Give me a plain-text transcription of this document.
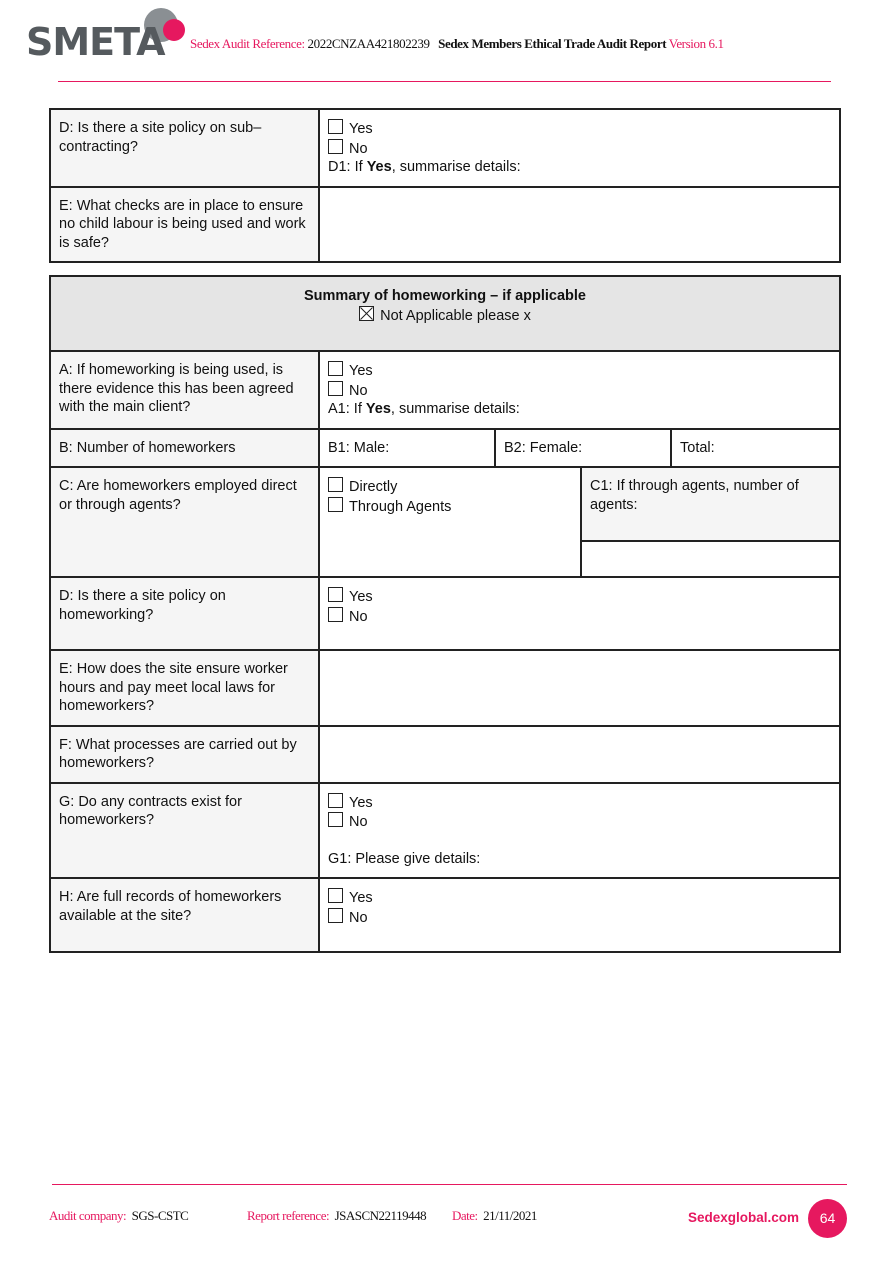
SMETA Sedex Audit Reference: 2022CNZAA421802239 Sedex Members Ethical Trade Audit Report Version 6.1
D: Is there a site policy on sub–contracting?	Yes
No
D1: If Yes, summarise details:

E: What checks are in place to ensure no child labour is being used and work is safe?	
Summary of homeworking – if applicable
Not Applicable please x			

A: If homeworking is being used, is there evidence this has been agreed with the main client?	Yes
No
A1: If Yes, summarise details:		

B: Number of homeworkers	B1: Male:	B2: Female:	Total:
C: Are homeworkers employed direct or through agents?	Directly
Through Agents
C1: If through agents, number of agents:		

D: Is there a site policy on homeworking?	Yes
No		

E: How does the site ensure worker hours and pay meet local laws for homeworkers?			
F: What processes are carried out by homeworkers?			
G: Do any contracts exist for homeworkers?	Yes
No
G1: Please give details:		

H: Are full records of homeworkers available at the site?	Yes
No		
Audit company: SGS-CSTC	Report reference: JSASCN22119448 Date: 21/11/2021	Sedexglobal.com	64
